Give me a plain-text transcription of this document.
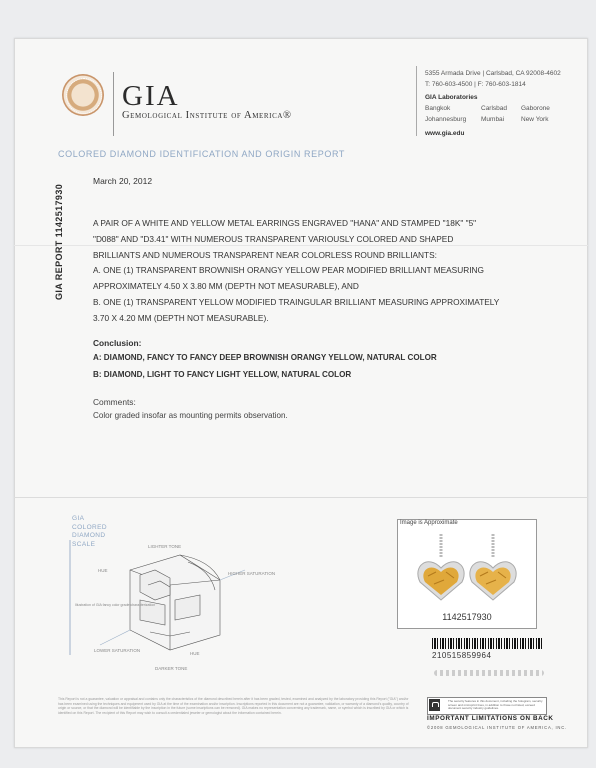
GIA
Gemological Institute of America®
5355 Armada Drive | Carlsbad, CA 92008-4602
T: 760-603-4500 | F: 760-603-1814
GIA Laboratories
Bangkok	Carlsbad	Gaborone
Johannesburg	Mumbai	New York
www.gia.edu
COLORED DIAMOND IDENTIFICATION AND ORIGIN REPORT
GIA REPORT 1142517930
March 20, 2012
A PAIR OF A WHITE AND YELLOW METAL EARRINGS ENGRAVED "HANA" AND STAMPED "18K" "5"
"D088" AND "D3.41" WITH NUMEROUS TRANSPARENT VARIOUSLY COLORED AND SHAPED
BRILLIANTS AND NUMEROUS TRANSPARENT NEAR COLORLESS ROUND BRILLIANTS:
A. ONE (1) TRANSPARENT BROWNISH ORANGY YELLOW PEAR MODIFIED BRILLIANT MEASURING
APPROXIMATELY 4.50 X 3.80 MM (DEPTH NOT MEASURABLE), AND
B. ONE (1) TRANSPARENT YELLOW MODIFIED TRAINGULAR BRILLIANT MEASURING APPROXIMATELY
3.70 X 4.20 MM (DEPTH NOT MEASURABLE).
Conclusion:
A: DIAMOND, FANCY TO FANCY DEEP BROWNISH ORANGY YELLOW, NATURAL COLOR
B: DIAMOND, LIGHT TO FANCY LIGHT YELLOW, NATURAL COLOR
Comments:
Color graded insofar as mounting permits observation.
GIA
COLORED
DIAMOND
SCALE	LIGHTER TONE
HUE
HIGHER SATURATION
Illustration of GIA fancy color grade characterization
LOWER SATURATION
DARKER TONE
HUE
Image is Approximate
1142517930
210515859964
This Report is not a guarantee, valuation or appraisal and contains only the characteristics of the diamond described herein after it has been graded, tested, examined and analyzed by the laboratory providing this Report ("GIA") and/or has been examined using the techniques and equipment used by GIA at the time of the examination and/or inscription. Inscriptions reported in this document are not a guarantee, validation, or warranty of a diamond's quality, country of origin or source, or that the diamond will be identifiable by the inscription in the future (some inscriptions can be removed). GIA makes no representation concerning any trademark, name, or symbol which is inscribed by GIA or which is identified on this Report. The recipient of this Report may wish to consult a credentialed jeweler or gemologist about the information contained herein.
The security features in this document, including the hologram, security screen and microprint lines, in addition to those not listed, exceed document security industry guidelines.
IMPORTANT LIMITATIONS ON BACK
©2008 GEMOLOGICAL INSTITUTE OF AMERICA, INC.
